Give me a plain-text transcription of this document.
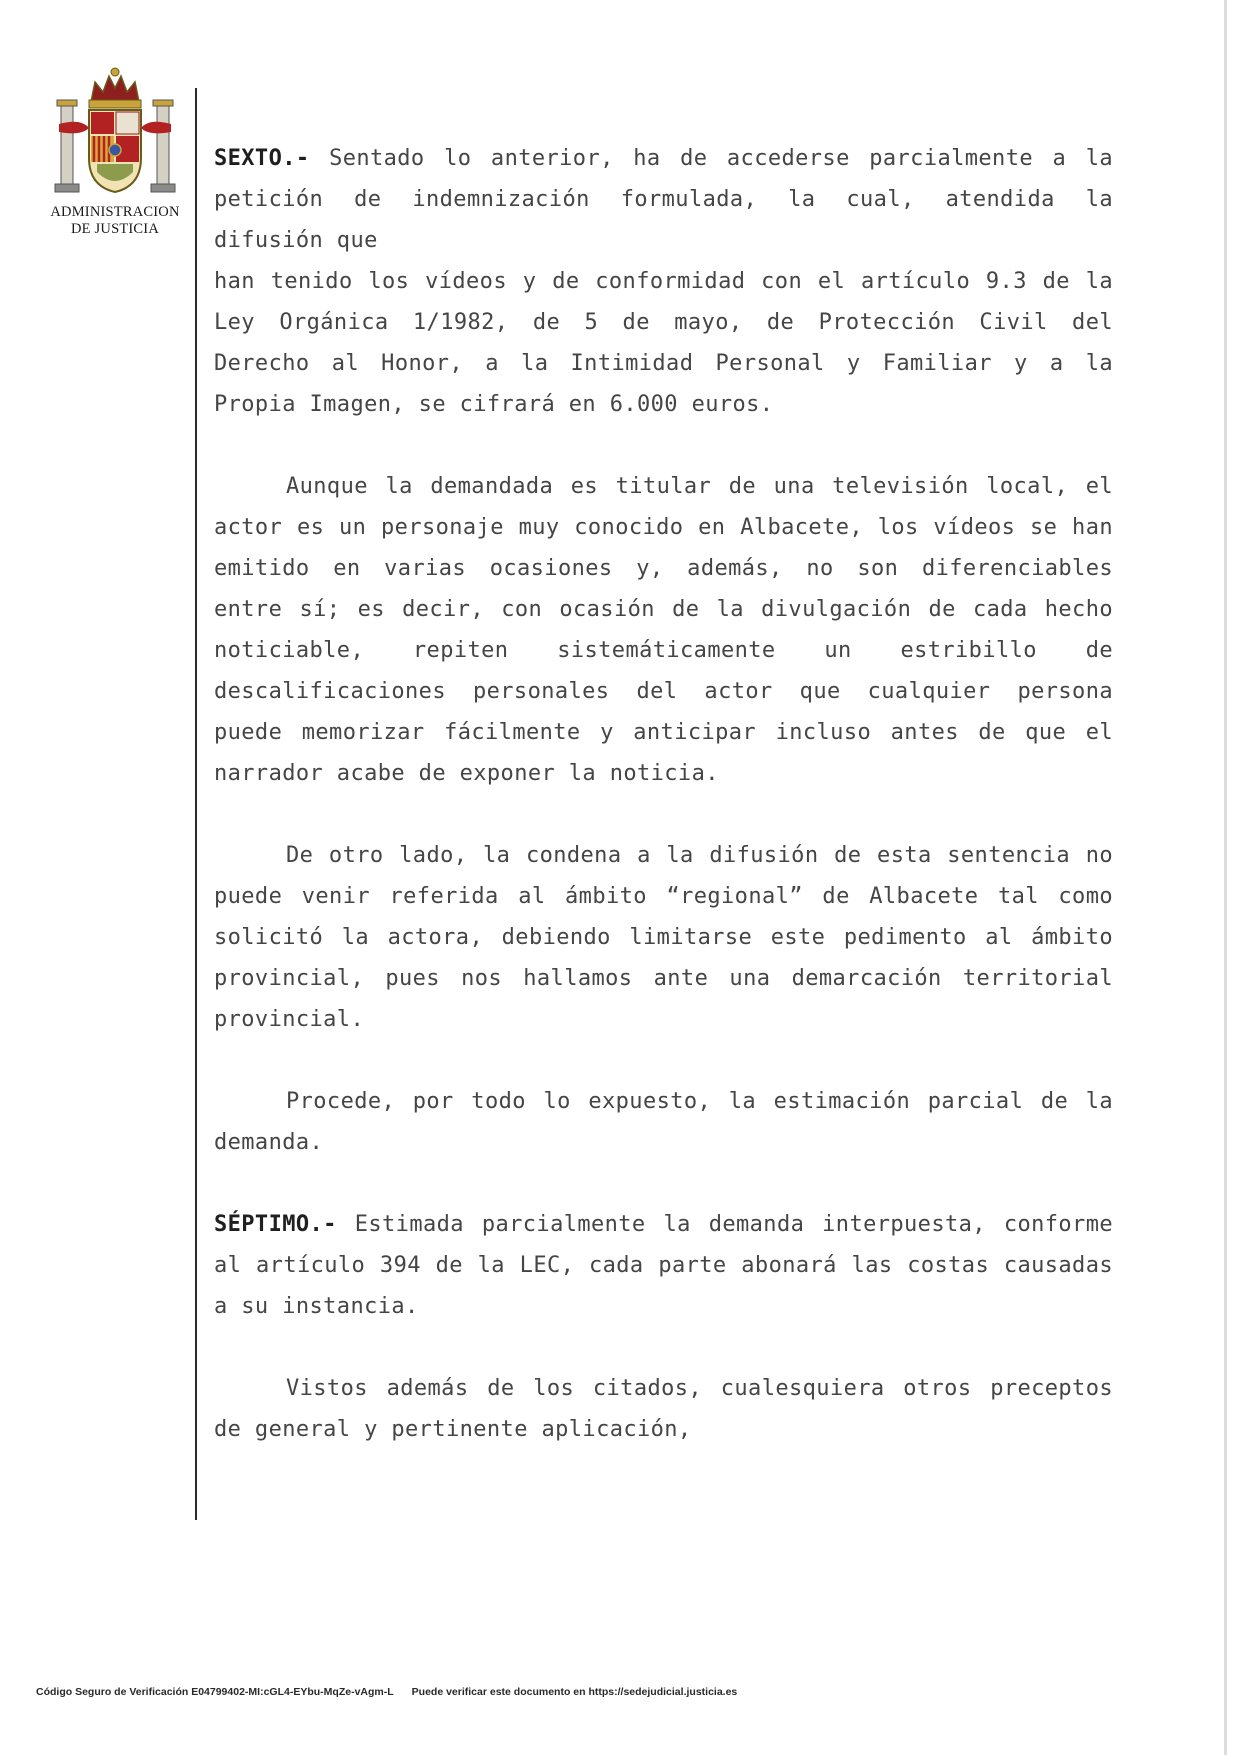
ADMINISTRACION
DE JUSTICIA

SEXTO.- Sentado lo anterior, ha de accederse parcialmente a la petición de indemnización formulada, la cual, atendida la difusión que
han tenido los vídeos y de conformidad con el artículo 9.3 de la Ley Orgánica 1/1982, de 5 de mayo, de Protección Civil del Derecho al Honor, a la Intimidad Personal y Familiar y a la Propia Imagen, se cifrará en 6.000 euros.

Aunque la demandada es titular de una televisión local, el actor es un personaje muy conocido en Albacete, los vídeos se han emitido en varias ocasiones y, además, no son diferenciables entre sí; es decir, con ocasión de la divulgación de cada hecho noticiable, repiten sistemáticamente un estribillo de descalificaciones personales del actor que cualquier persona puede memorizar fácilmente y anticipar incluso antes de que el narrador acabe de exponer la noticia.

De otro lado, la condena a la difusión de esta sentencia no puede venir referida al ámbito “regional” de Albacete tal como solicitó la actora, debiendo limitarse este pedimento al ámbito provincial, pues nos hallamos ante una demarcación territorial provincial.

Procede, por todo lo expuesto, la estimación parcial de la demanda.

SÉPTIMO.- Estimada parcialmente la demanda interpuesta, conforme al artículo 394 de la LEC, cada parte abonará las costas causadas a su instancia.

Vistos además de los citados, cualesquiera otros preceptos de general y pertinente aplicación,

Código Seguro de Verificación E04799402-MI:cGL4-EYbu-MqZe-vAgm-L Puede verificar este documento en https://sedejudicial.justicia.es
